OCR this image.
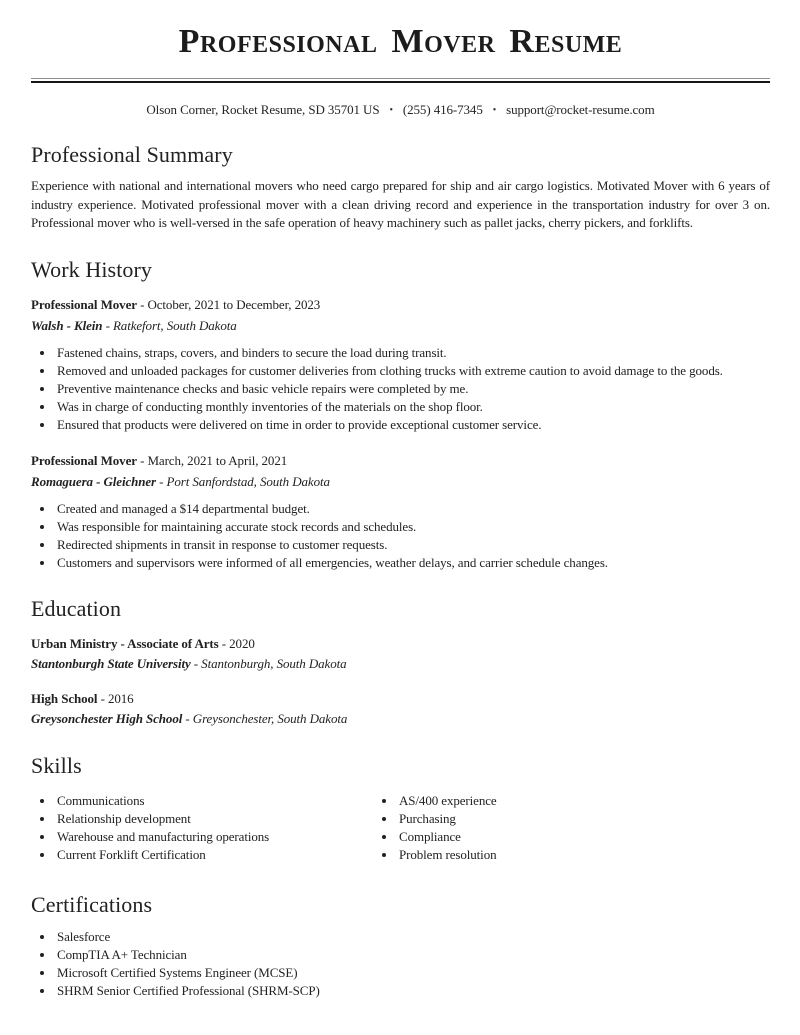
Professional Mover Resume

Olson Corner, Rocket Resume, SD 35701 US • (255) 416-7345 • support@rocket-resume.com

Professional Summary

Experience with national and international movers who need cargo prepared for ship and air cargo logistics. Motivated Mover with 6 years of industry experience. Motivated professional mover with a clean driving record and experience in the transportation industry for over 3 on. Professional mover who is well-versed in the safe operation of heavy machinery such as pallet jacks, cherry pickers, and forklifts.

Work History

Professional Mover - October, 2021 to December, 2023

Walsh - Klein - Ratkefort, South Dakota

• Fastened chains, straps, covers, and binders to secure the load during transit.
• Removed and unloaded packages for customer deliveries from clothing trucks with extreme caution to avoid damage to the goods.
• Preventive maintenance checks and basic vehicle repairs were completed by me.
• Was in charge of conducting monthly inventories of the materials on the shop floor.
• Ensured that products were delivered on time in order to provide exceptional customer service.

Professional Mover - March, 2021 to April, 2021

Romaguera - Gleichner - Port Sanfordstad, South Dakota

• Created and managed a $14 departmental budget.
• Was responsible for maintaining accurate stock records and schedules.
• Redirected shipments in transit in response to customer requests.
• Customers and supervisors were informed of all emergencies, weather delays, and carrier schedule changes.
Education

Urban Ministry - Associate of Arts - 2020

Stantonburgh State University - Stantonburgh, South Dakota

High School - 2016

Greysonchester High School - Greysonchester, South Dakota

Skills
• Communications
• Relationship development
• Warehouse and manufacturing operations
• Current Forklift Certification
• AS/400 experience
• Purchasing
• Compliance
• Problem resolution
Certifications
• Salesforce
• CompTIA A+ Technician
• Microsoft Certified Systems Engineer (MCSE)
• SHRM Senior Certified Professional (SHRM-SCP)
